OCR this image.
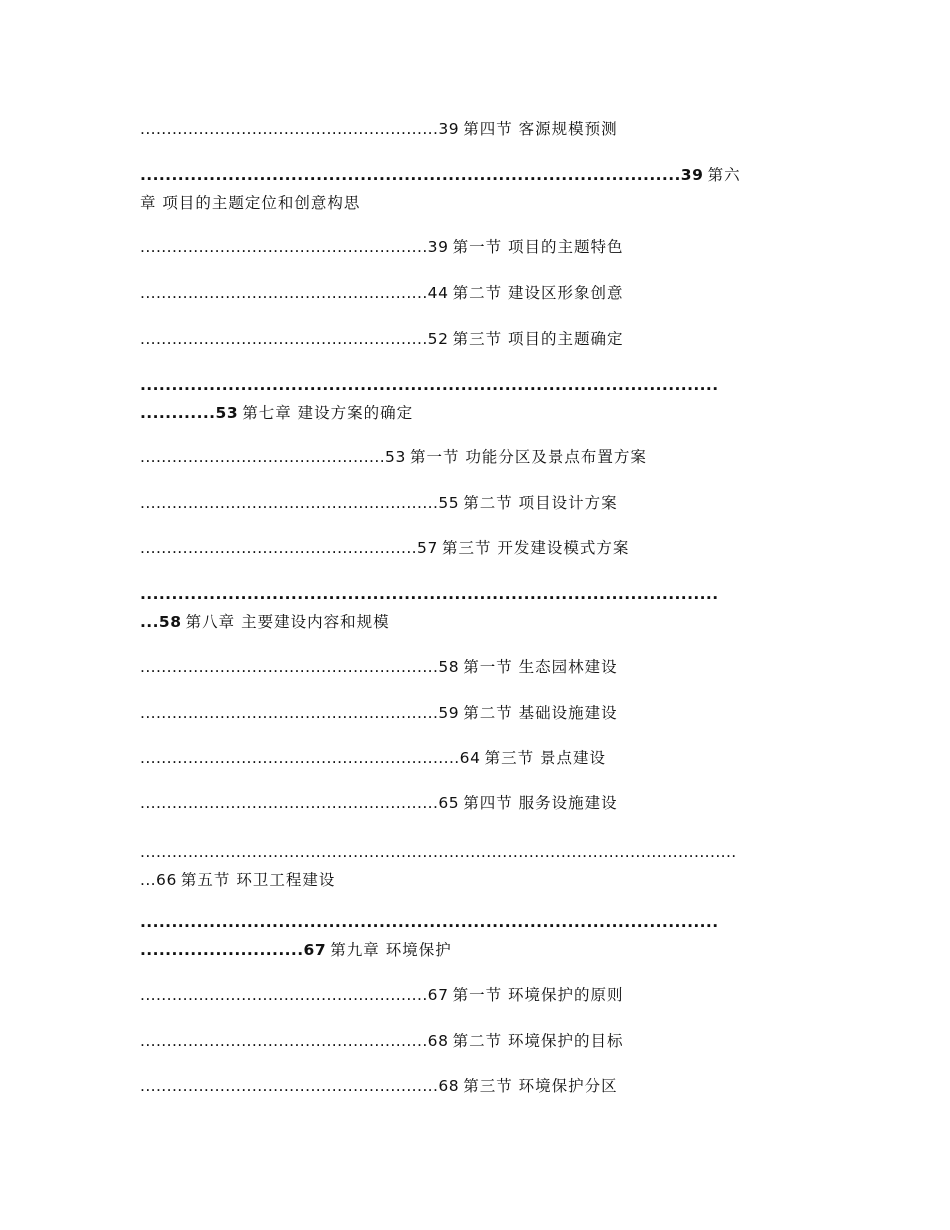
........................................................39 第四节 客源规模预测
......................................................................................39 第六
章 项目的主题定位和创意构思
......................................................39 第一节 项目的主题特色
......................................................44 第二节 建设区形象创意
......................................................52 第三节 项目的主题确定
............................................................................................
............53 第七章 建设方案的确定
..............................................53 第一节 功能分区及景点布置方案
........................................................55 第二节 项目设计方案
....................................................57 第三节 开发建设模式方案
............................................................................................
...58 第八章 主要建设内容和规模
........................................................58 第一节 生态园林建设
........................................................59 第二节 基础设施建设
............................................................64 第三节 景点建设
........................................................65 第四节 服务设施建设
................................................................................................................
...66 第五节 环卫工程建设
............................................................................................
..........................67 第九章 环境保护
......................................................67 第一节 环境保护的原则
......................................................68 第二节 环境保护的目标
........................................................68 第三节 环境保护分区
